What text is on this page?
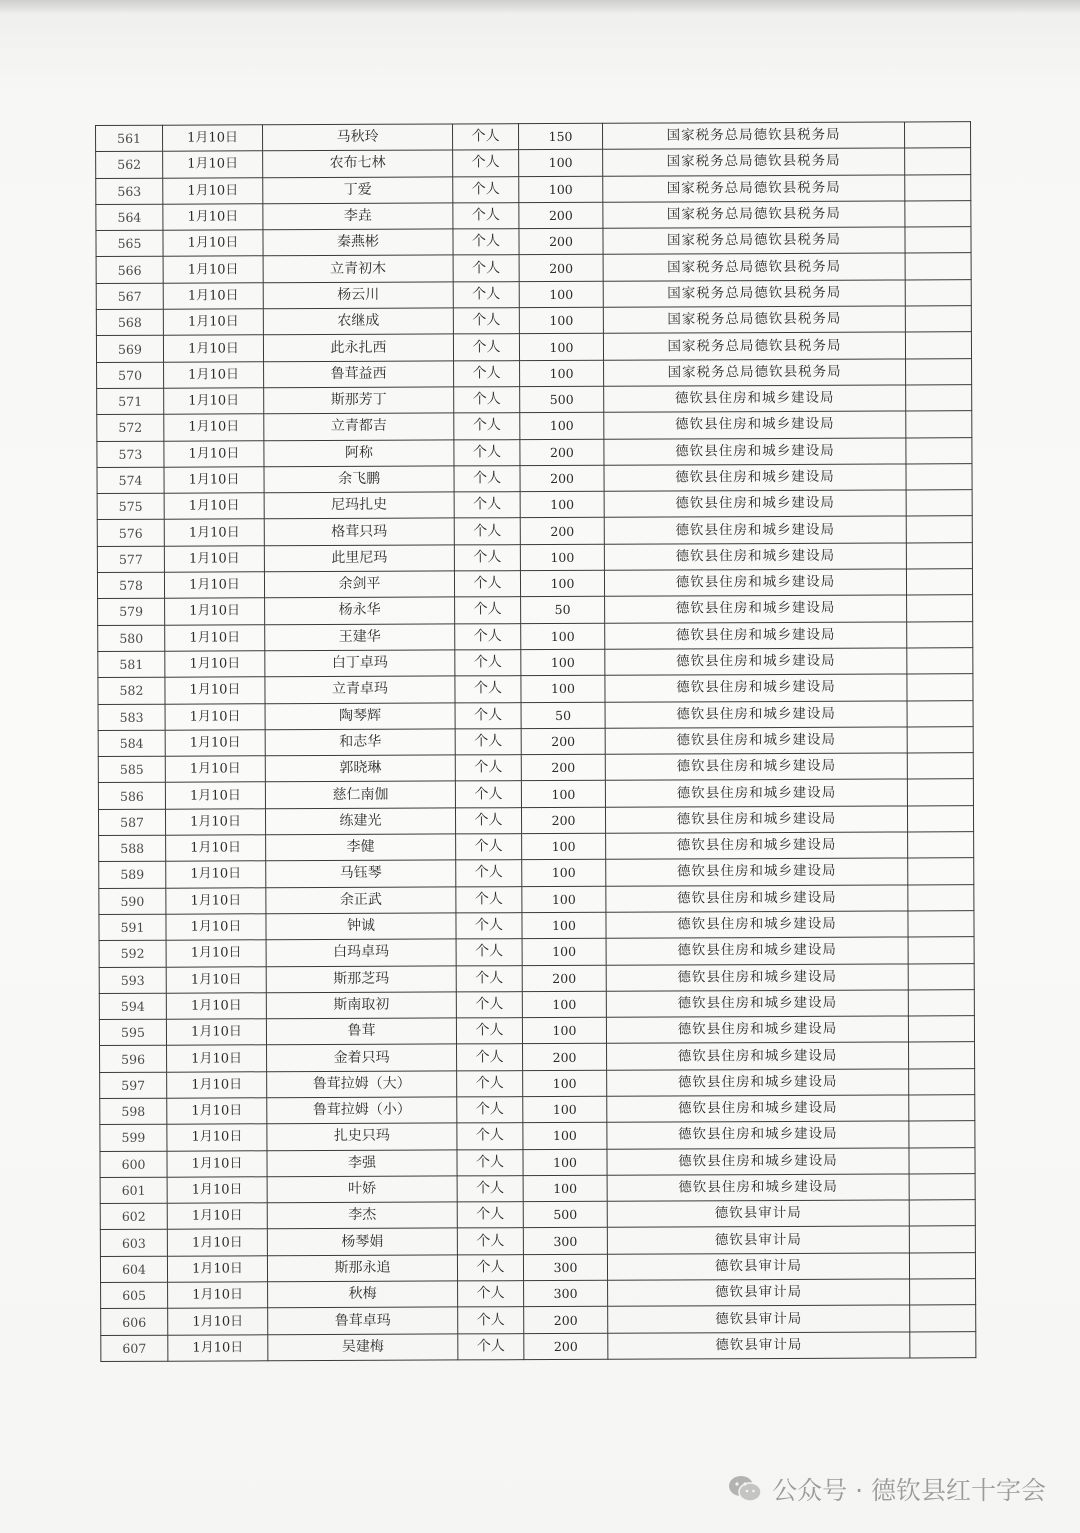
561	1月10日	马秋玲	个人	150	国家税务总局德钦县税务局	
562	1月10日	农布七林	个人	100	国家税务总局德钦县税务局	
563	1月10日	丁爱	个人	100	国家税务总局德钦县税务局	
564	1月10日	李垚	个人	200	国家税务总局德钦县税务局	
565	1月10日	秦燕彬	个人	200	国家税务总局德钦县税务局	
566	1月10日	立青初木	个人	200	国家税务总局德钦县税务局	
567	1月10日	杨云川	个人	100	国家税务总局德钦县税务局	
568	1月10日	农继成	个人	100	国家税务总局德钦县税务局	
569	1月10日	此永扎西	个人	100	国家税务总局德钦县税务局	
570	1月10日	鲁茸益西	个人	100	国家税务总局德钦县税务局	
571	1月10日	斯那芳丁	个人	500	德钦县住房和城乡建设局	
572	1月10日	立青都吉	个人	100	德钦县住房和城乡建设局	
573	1月10日	阿称	个人	200	德钦县住房和城乡建设局	
574	1月10日	余飞鹏	个人	200	德钦县住房和城乡建设局	
575	1月10日	尼玛扎史	个人	100	德钦县住房和城乡建设局	
576	1月10日	格茸只玛	个人	200	德钦县住房和城乡建设局	
577	1月10日	此里尼玛	个人	100	德钦县住房和城乡建设局	
578	1月10日	余剑平	个人	100	德钦县住房和城乡建设局	
579	1月10日	杨永华	个人	50	德钦县住房和城乡建设局	
580	1月10日	王建华	个人	100	德钦县住房和城乡建设局	
581	1月10日	白丁卓玛	个人	100	德钦县住房和城乡建设局	
582	1月10日	立青卓玛	个人	100	德钦县住房和城乡建设局	
583	1月10日	陶琴辉	个人	50	德钦县住房和城乡建设局	
584	1月10日	和志华	个人	200	德钦县住房和城乡建设局	
585	1月10日	郭晓琳	个人	200	德钦县住房和城乡建设局	
586	1月10日	慈仁南伽	个人	100	德钦县住房和城乡建设局	
587	1月10日	练建光	个人	200	德钦县住房和城乡建设局	
588	1月10日	李健	个人	100	德钦县住房和城乡建设局	
589	1月10日	马钰琴	个人	100	德钦县住房和城乡建设局	
590	1月10日	余正武	个人	100	德钦县住房和城乡建设局	
591	1月10日	钟诚	个人	100	德钦县住房和城乡建设局	
592	1月10日	白玛卓玛	个人	100	德钦县住房和城乡建设局	
593	1月10日	斯那芝玛	个人	200	德钦县住房和城乡建设局	
594	1月10日	斯南取初	个人	100	德钦县住房和城乡建设局	
595	1月10日	鲁茸	个人	100	德钦县住房和城乡建设局	
596	1月10日	金着只玛	个人	200	德钦县住房和城乡建设局	
597	1月10日	鲁茸拉姆（大）	个人	100	德钦县住房和城乡建设局	
598	1月10日	鲁茸拉姆（小）	个人	100	德钦县住房和城乡建设局	
599	1月10日	扎史只玛	个人	100	德钦县住房和城乡建设局	
600	1月10日	李强	个人	100	德钦县住房和城乡建设局	
601	1月10日	叶娇	个人	100	德钦县住房和城乡建设局	
602	1月10日	李杰	个人	500	德钦县审计局	
603	1月10日	杨琴娟	个人	300	德钦县审计局	
604	1月10日	斯那永追	个人	300	德钦县审计局	
605	1月10日	秋梅	个人	300	德钦县审计局	
606	1月10日	鲁茸卓玛	个人	200	德钦县审计局	
607	1月10日	吴建梅	个人	200	德钦县审计局	
公众号 · 德钦县红十字会
